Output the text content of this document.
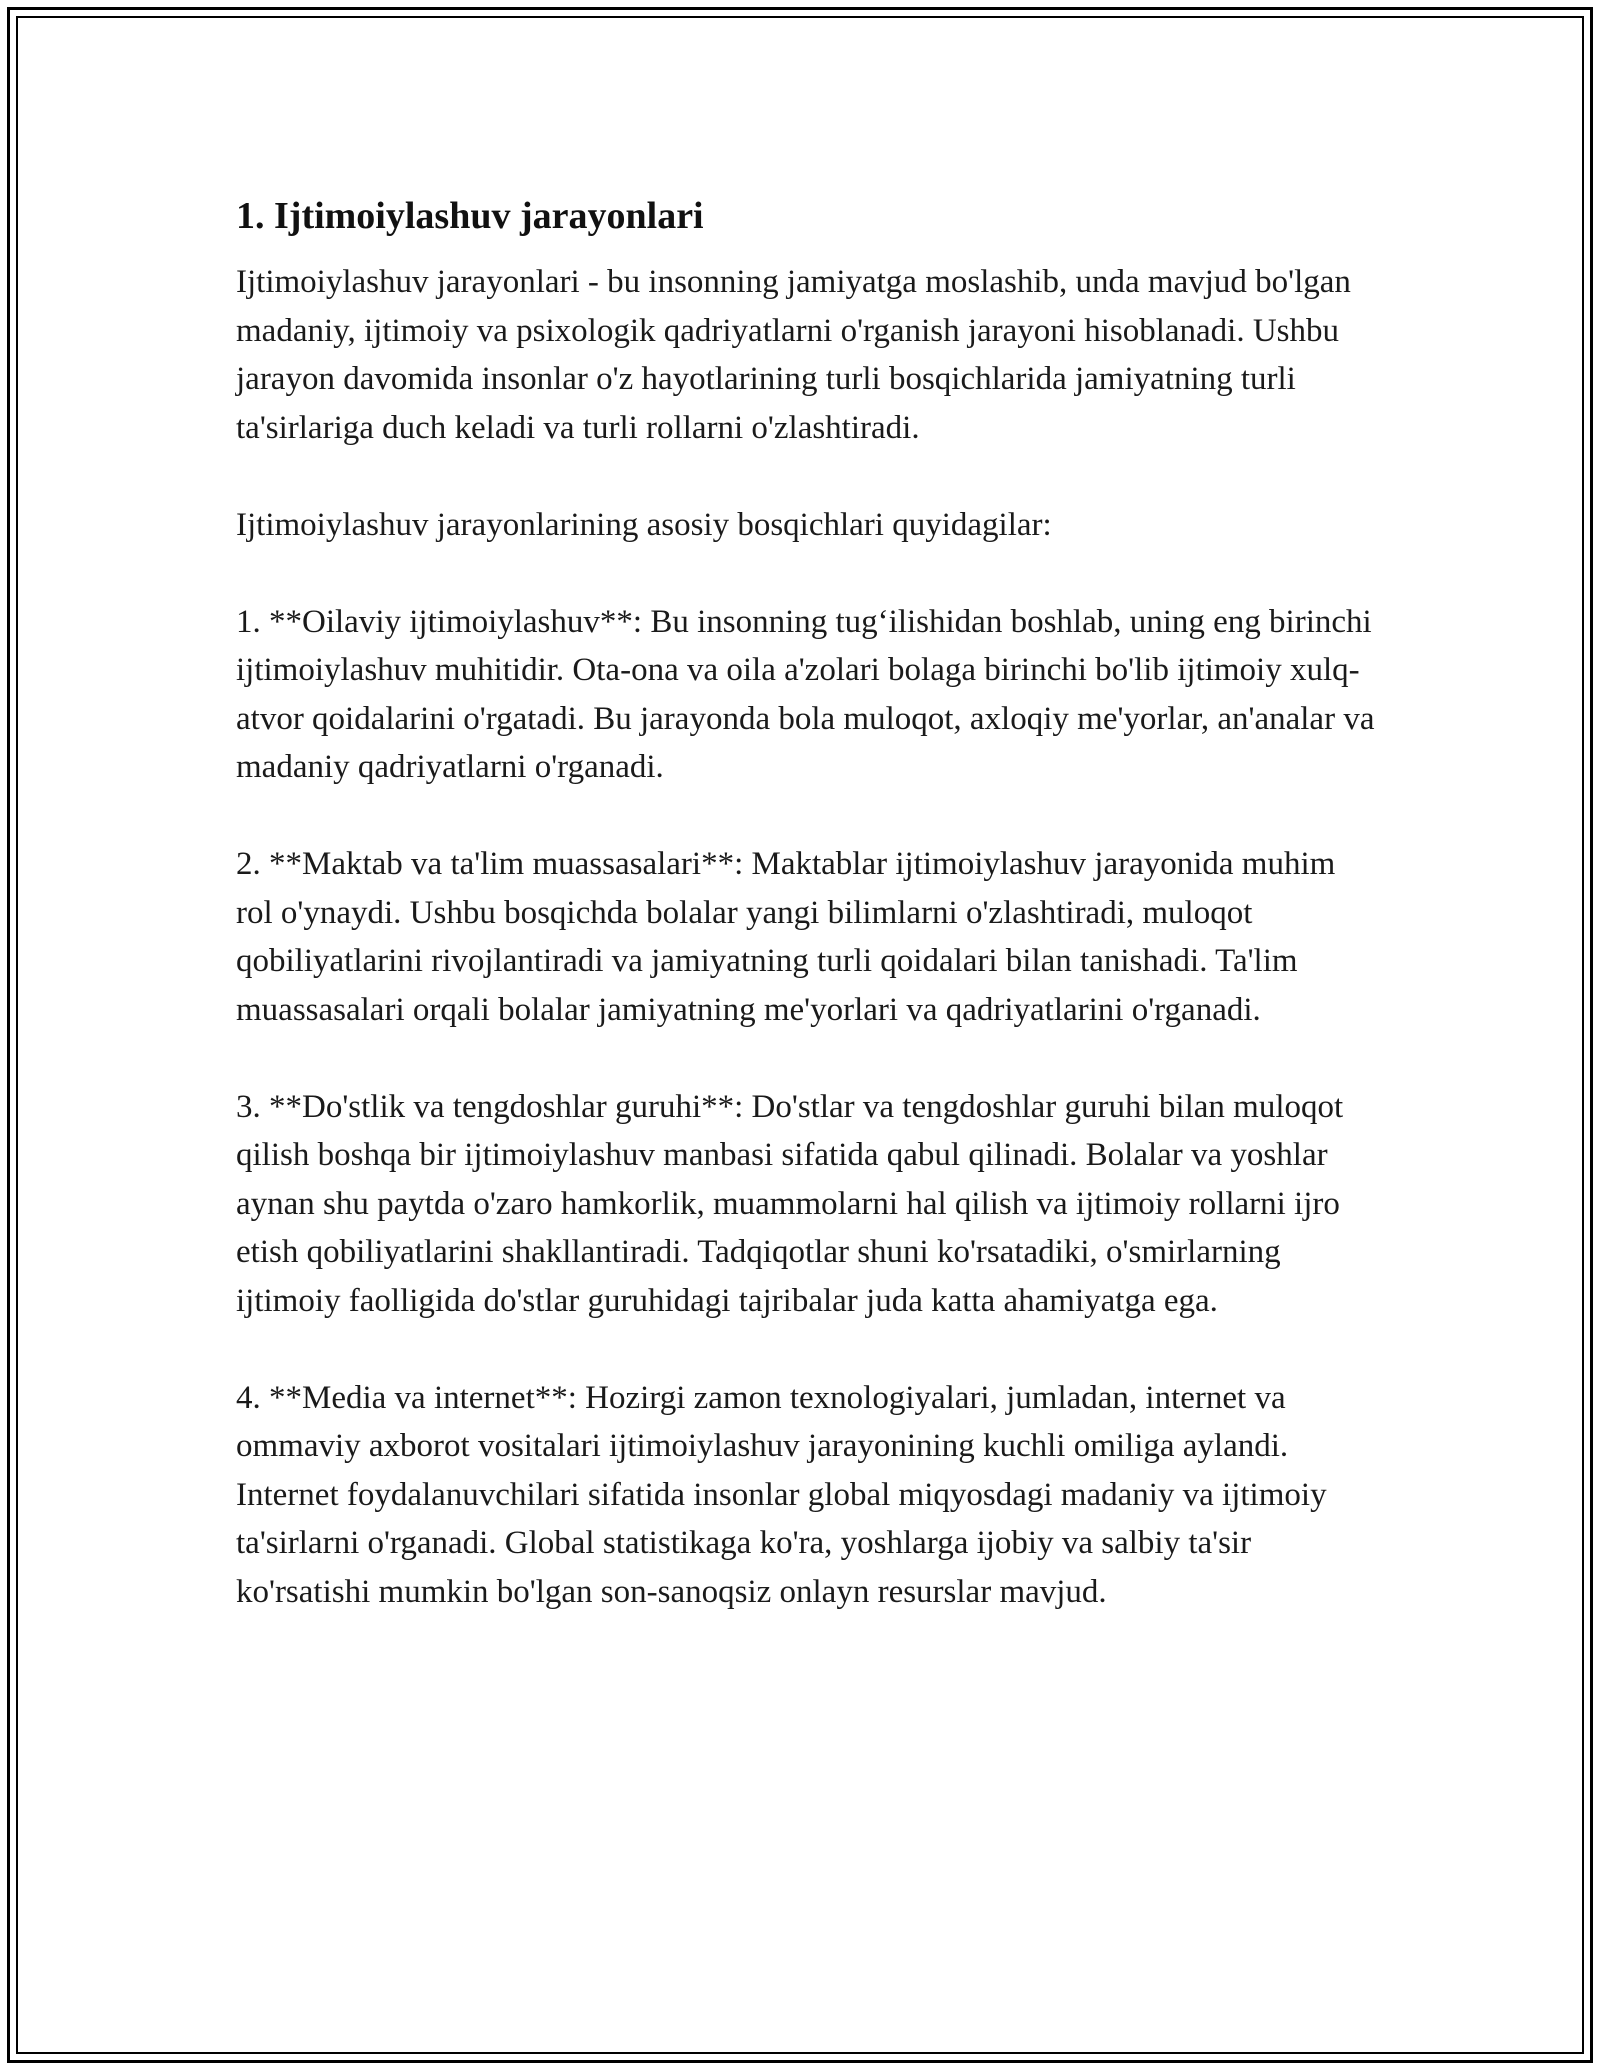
1. Ijtimoiylashuv jarayonlari

Ijtimoiylashuv jarayonlari - bu insonning jamiyatga moslashib, unda mavjud bo'lgan madaniy, ijtimoiy va psixologik qadriyatlarni o'rganish jarayoni hisoblanadi. Ushbu jarayon davomida insonlar o'z hayotlarining turli bosqichlarida jamiyatning turli ta'sirlariga duch keladi va turli rollarni o'zlashtiradi.

Ijtimoiylashuv jarayonlarining asosiy bosqichlari quyidagilar:

1. **Oilaviy ijtimoiylashuv**: Bu insonning tug‘ilishidan boshlab, uning eng birinchi ijtimoiylashuv muhitidir. Ota-ona va oila a'zolari bolaga birinchi bo'lib ijtimoiy xulq-atvor qoidalarini o'rgatadi. Bu jarayonda bola muloqot, axloqiy me'yorlar, an'analar va madaniy qadriyatlarni o'rganadi.

2. **Maktab va ta'lim muassasalari**: Maktablar ijtimoiylashuv jarayonida muhim rol o'ynaydi. Ushbu bosqichda bolalar yangi bilimlarni o'zlashtiradi, muloqot qobiliyatlarini rivojlantiradi va jamiyatning turli qoidalari bilan tanishadi. Ta'lim muassasalari orqali bolalar jamiyatning me'yorlari va qadriyatlarini o'rganadi.

3. **Do'stlik va tengdoshlar guruhi**: Do'stlar va tengdoshlar guruhi bilan muloqot qilish boshqa bir ijtimoiylashuv manbasi sifatida qabul qilinadi. Bolalar va yoshlar aynan shu paytda o'zaro hamkorlik, muammolarni hal qilish va ijtimoiy rollarni ijro etish qobiliyatlarini shakllantiradi. Tadqiqotlar shuni ko'rsatadiki, o'smirlarning ijtimoiy faolligida do'stlar guruhidagi tajribalar juda katta ahamiyatga ega.

4. **Media va internet**: Hozirgi zamon texnologiyalari, jumladan, internet va ommaviy axborot vositalari ijtimoiylashuv jarayonining kuchli omiliga aylandi. Internet foydalanuvchilari sifatida insonlar global miqyosdagi madaniy va ijtimoiy ta'sirlarni o'rganadi. Global statistikaga ko'ra, yoshlarga ijobiy va salbiy ta'sir ko'rsatishi mumkin bo'lgan son-sanoqsiz onlayn resurslar mavjud.
